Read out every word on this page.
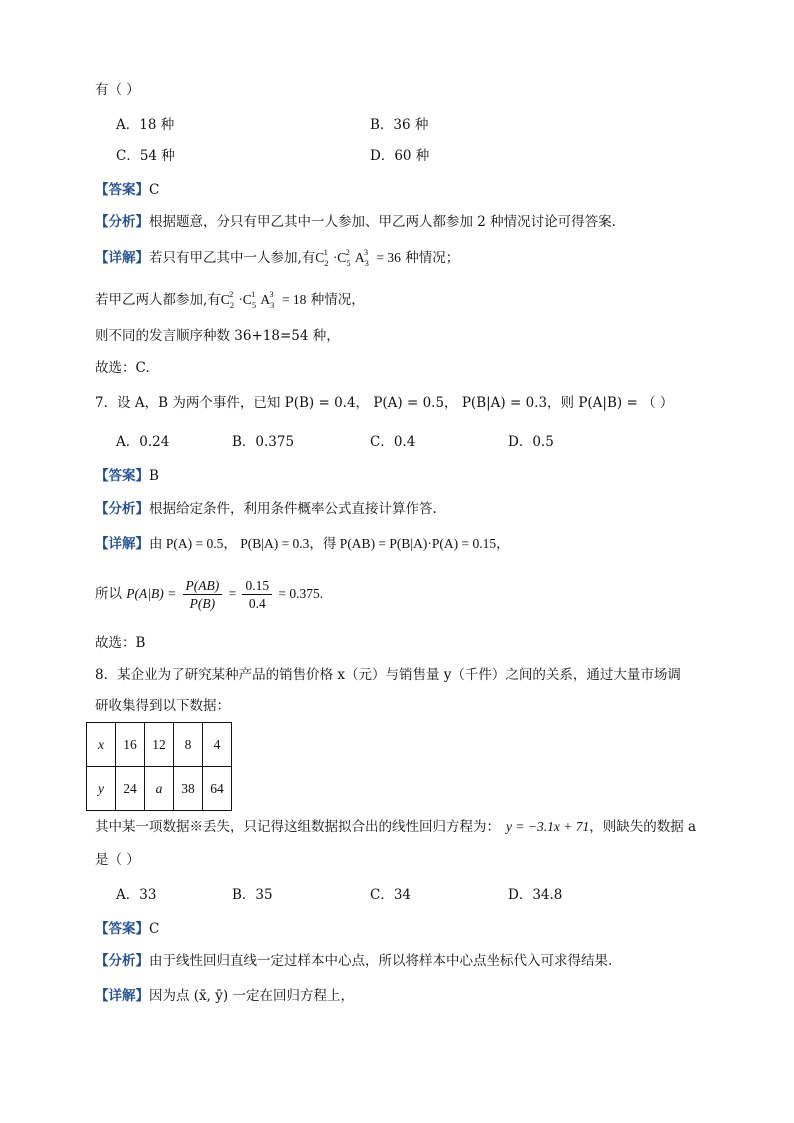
有（ ）
A．18 种	B．36 种
C．54 种	D．60 种
【答案】C
【分析】根据题意，分只有甲乙其中一人参加、甲乙两人都参加 2 种情况讨论可得答案.
【详解】若只有甲乙其中一人参加,有$C_2^1 \cdot C_5^2$ $A_3^3 = 36$ 种情况；
若甲乙两人都参加,有$C_2^2 \cdot C_5^1$ $A_3^3 = 18$ 种情况，
则不同的发言顺序种数 36+18=54 种，
故选：C.
7．设 A，B 为两个事件，已知 P(B) = 0.4， P(A) = 0.5， P(B|A) = 0.3，则 P(A|B) = （ ）
A．0.24	B．0.375	C．0.4	D．0.5
【答案】B
【分析】根据给定条件，利用条件概率公式直接计算作答.
【详解】由 P(A) = 0.5， P(B|A) = 0.3，得 P(AB) = P(B|A)·P(A) = 0.15，
所以 $P(A|B) = \frac{P(AB)}{P(B)} = \frac{0.15}{0.4} = 0.375$.
故选：B
8．某企业为了研究某种产品的销售价格 x（元）与销售量 y（千件）之间的关系，通过大量市场调
研收集得到以下数据：
x	16	12	8	4
y	24	a	38	64
其中某一项数据※丢失，只记得这组数据拟合出的线性回归方程为： y = −3.1x + 71，则缺失的数据 a
是（ ）
A．33	B．35	C．34	D．34.8
【答案】C
【分析】由于线性回归直线一定过样本中心点，所以将样本中心点坐标代入可求得结果.
【详解】因为点 (x̄, ȳ) 一定在回归方程上，
